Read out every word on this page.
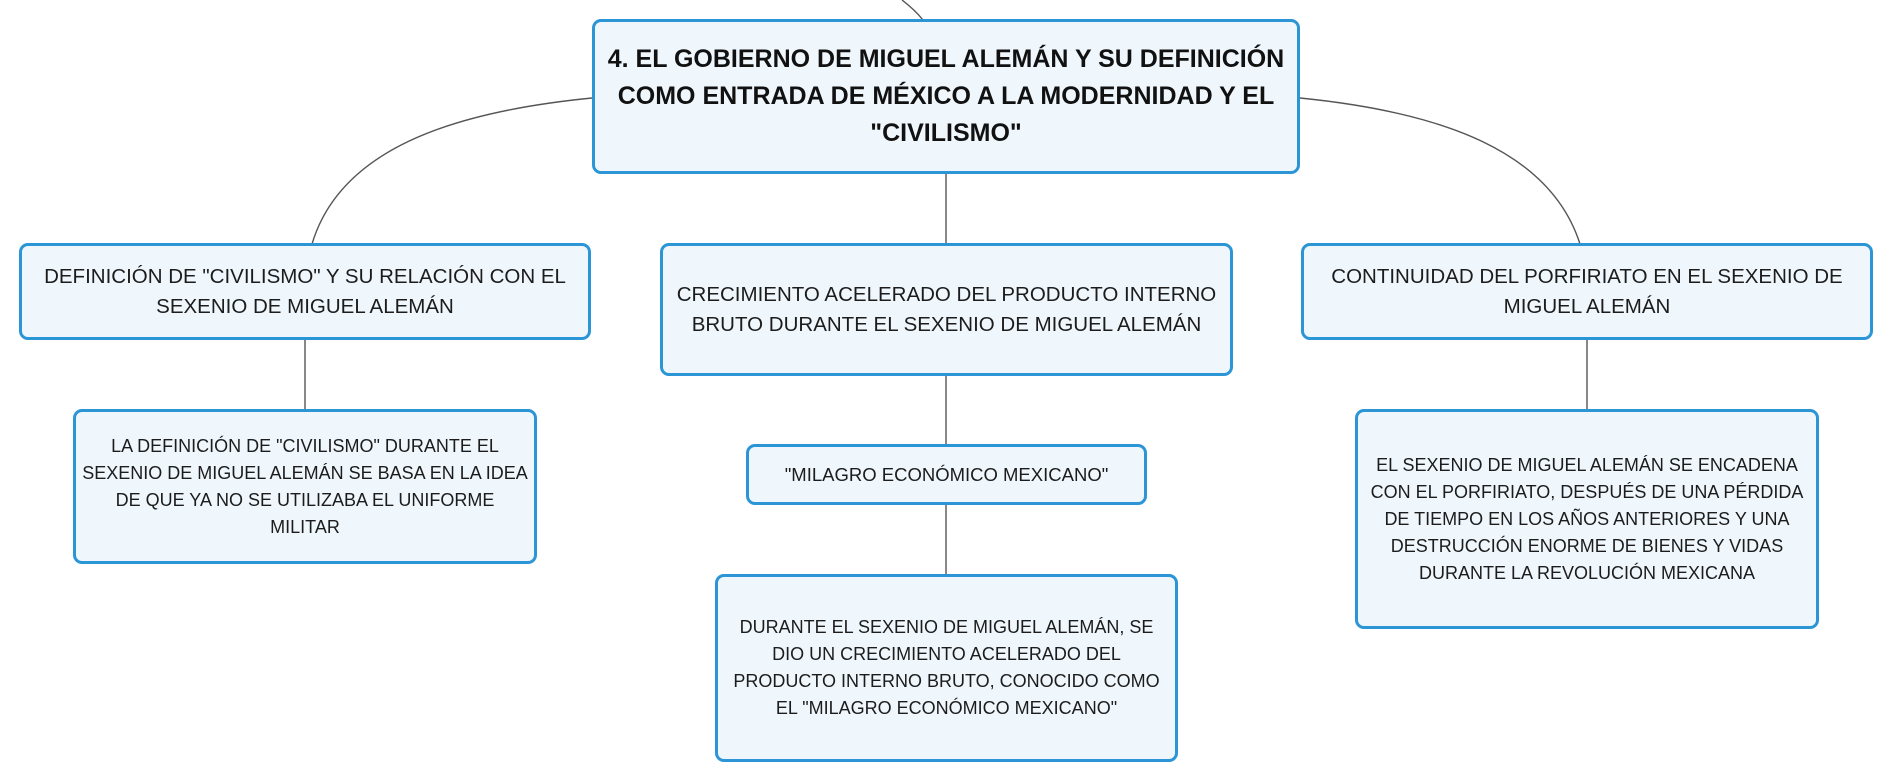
4. EL GOBIERNO DE MIGUEL ALEMÁN Y SU DEFINICIÓN COMO ENTRADA DE MÉXICO A LA MODERNIDAD Y EL "CIVILISMO"
DEFINICIÓN DE "CIVILISMO" Y SU RELACIÓN CON EL SEXENIO DE MIGUEL ALEMÁN
CRECIMIENTO ACELERADO DEL PRODUCTO INTERNO BRUTO DURANTE EL SEXENIO DE MIGUEL ALEMÁN
CONTINUIDAD DEL PORFIRIATO EN EL SEXENIO DE MIGUEL ALEMÁN
LA DEFINICIÓN DE "CIVILISMO" DURANTE EL SEXENIO DE MIGUEL ALEMÁN SE BASA EN LA IDEA DE QUE YA NO SE UTILIZABA EL UNIFORME MILITAR
"MILAGRO ECONÓMICO MEXICANO"
DURANTE EL SEXENIO DE MIGUEL ALEMÁN, SE DIO UN CRECIMIENTO ACELERADO DEL PRODUCTO INTERNO BRUTO, CONOCIDO COMO EL "MILAGRO ECONÓMICO MEXICANO"
EL SEXENIO DE MIGUEL ALEMÁN SE ENCADENA CON EL PORFIRIATO, DESPUÉS DE UNA PÉRDIDA DE TIEMPO EN LOS AÑOS ANTERIORES Y UNA DESTRUCCIÓN ENORME DE BIENES Y VIDAS DURANTE LA REVOLUCIÓN MEXICANA
